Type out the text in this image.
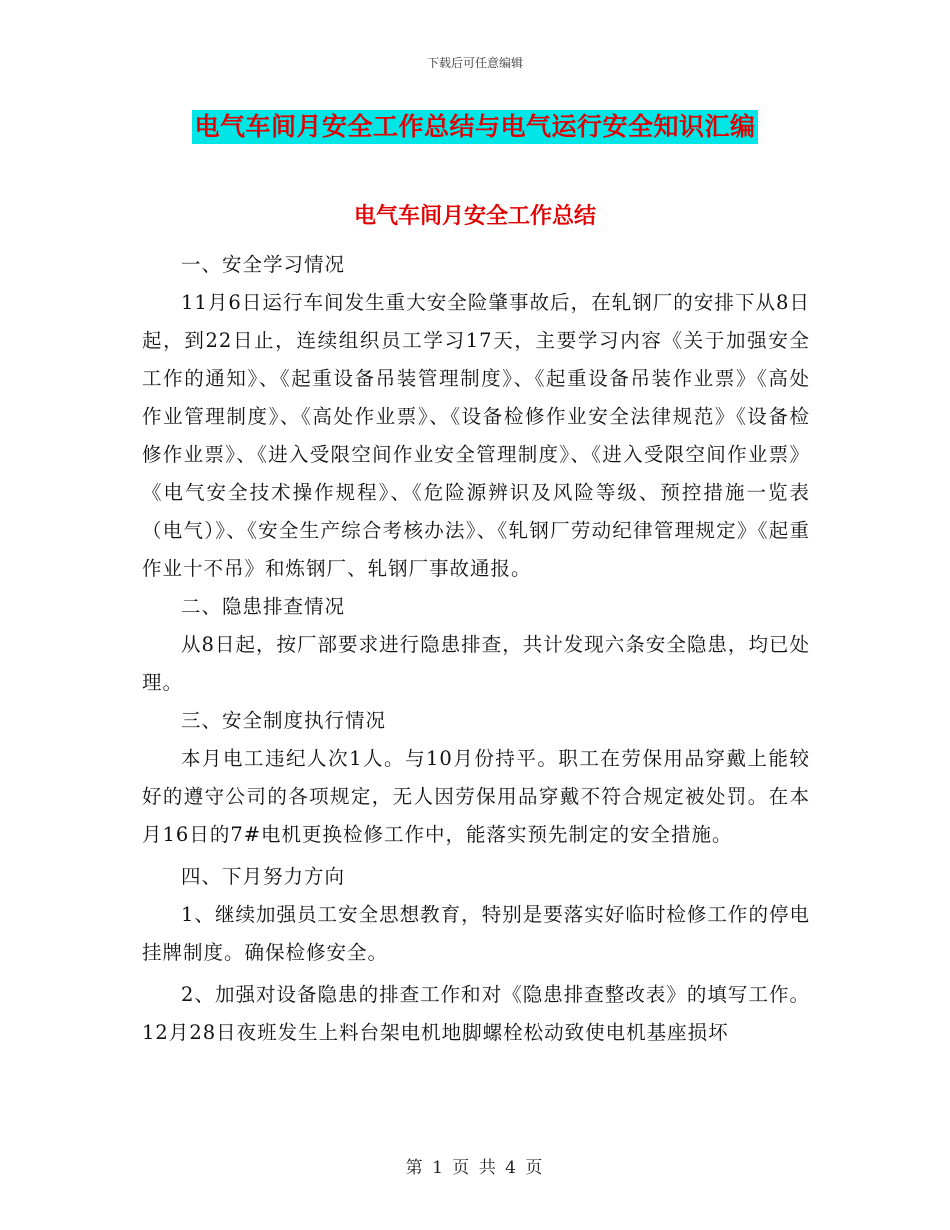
下载后可任意编辑
电气车间月安全工作总结与电气运行安全知识汇编
电气车间月安全工作总结

一、安全学习情况

11月6日运行车间发生重大安全险肇事故后，在轧钢厂的安排下从8日起，到22日止，连续组织员工学习17天，主要学习内容《关于加强安全工作的通知》、《起重设备吊装管理制度》、《起重设备吊装作业票》《高处作业管理制度》、《高处作业票》、《设备检修作业安全法律规范》《设备检修作业票》、《进入受限空间作业安全管理制度》、《进入受限空间作业票》《电气安全技术操作规程》、《危险源辨识及风险等级、预控措施一览表（电气）》、《安全生产综合考核办法》、《轧钢厂劳动纪律管理规定》《起重作业十不吊》和炼钢厂、轧钢厂事故通报。

二、隐患排查情况

从8日起，按厂部要求进行隐患排查，共计发现六条安全隐患，均已处理。

三、安全制度执行情况

本月电工违纪人次1人。与10月份持平。职工在劳保用品穿戴上能较好的遵守公司的各项规定，无人因劳保用品穿戴不符合规定被处罚。在本月16日的7#电机更换检修工作中，能落实预先制定的安全措施。

四、下月努力方向

1、继续加强员工安全思想教育，特别是要落实好临时检修工作的停电挂牌制度。确保检修安全。

2、加强对设备隐患的排查工作和对《隐患排查整改表》的填写工作。12月28日夜班发生上料台架电机地脚螺栓松动致使电机基座损坏

第 1 页 共 4 页
